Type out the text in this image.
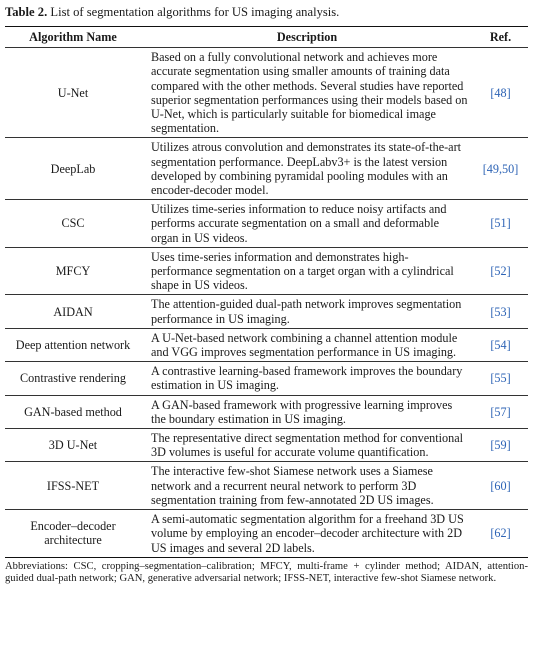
Table 2. List of segmentation algorithms for US imaging analysis.
Algorithm Name	Description	Ref.
U-Net	Based on a fully convolutional network and achieves more accurate segmentation using smaller amounts of training data compared with the other methods. Several studies have reported superior segmentation performances using their models based on U-Net, which is particularly suitable for biomedical image segmentation.	[48]
DeepLab	Utilizes atrous convolution and demonstrates its state-of-the-art segmentation performance. DeepLabv3+ is the latest version developed by combining pyramidal pooling modules with an encoder-decoder model.	[49,50]
CSC	Utilizes time-series information to reduce noisy artifacts and performs accurate segmentation on a small and deformable organ in US videos.	[51]
MFCY	Uses time-series information and demonstrates high-performance segmentation on a target organ with a cylindrical shape in US videos.	[52]
AIDAN	The attention-guided dual-path network improves segmentation performance in US imaging.	[53]
Deep attention network	A U-Net-based network combining a channel attention module and VGG improves segmentation performance in US imaging.	[54]
Contrastive rendering	A contrastive learning-based framework improves the boundary estimation in US imaging.	[55]
GAN-based method	A GAN-based framework with progressive learning improves the boundary estimation in US imaging.	[57]
3D U-Net	The representative direct segmentation method for conventional 3D volumes is useful for accurate volume quantification.	[59]
IFSS-NET	The interactive few-shot Siamese network uses a Siamese network and a recurrent neural network to perform 3D segmentation training from few-annotated 2D US images.	[60]
Encoder–decoder architecture	A semi-automatic segmentation algorithm for a freehand 3D US volume by employing an encoder–decoder architecture with 2D US images and several 2D labels.	[62]
Abbreviations: CSC, cropping–segmentation–calibration; MFCY, multi-frame + cylinder method; AIDAN, attention-guided dual-path network; GAN, generative adversarial network; IFSS-NET, interactive few-shot Siamese network.
